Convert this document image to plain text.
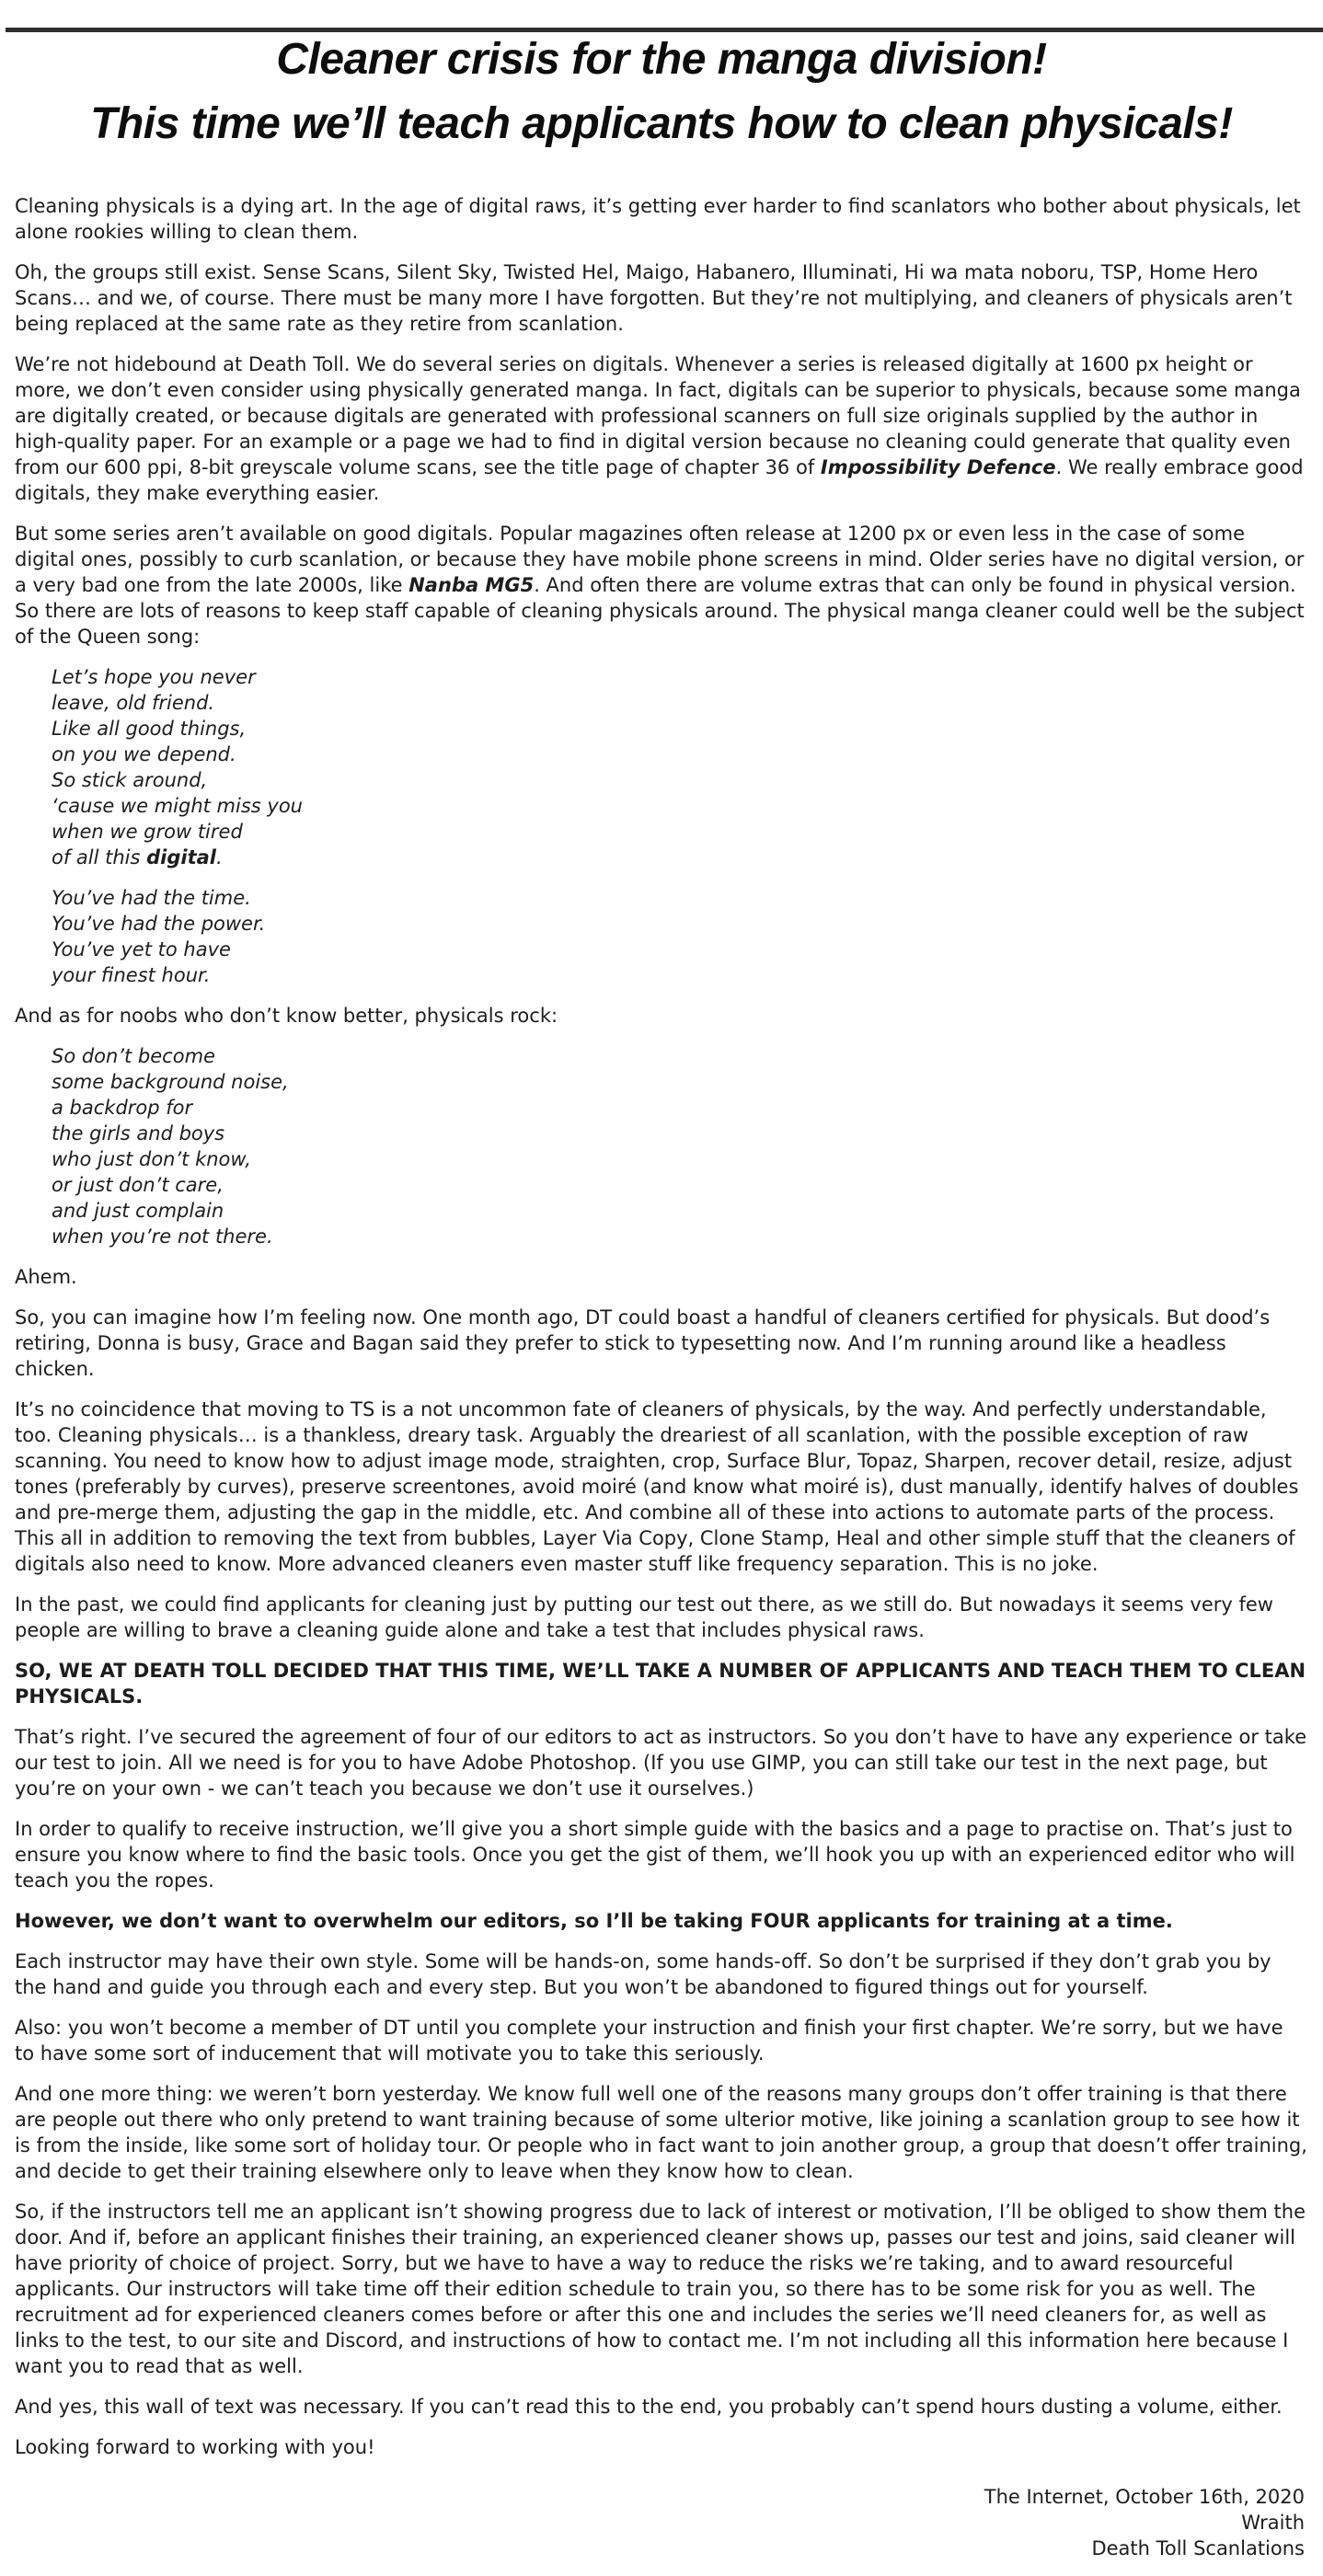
Cleaner crisis for the manga division!
This time we’ll teach applicants how to clean physicals!

Cleaning physicals is a dying art. In the age of digital raws, it’s getting ever harder to find scanlators who bother about physicals, let alone rookies willing to clean them.

Oh, the groups still exist. Sense Scans, Silent Sky, Twisted Hel, Maigo, Habanero, Illuminati, Hi wa mata noboru, TSP, Home Hero Scans… and we, of course. There must be many more I have forgotten. But they’re not multiplying, and cleaners of physicals aren’t being replaced at the same rate as they retire from scanlation.

We’re not hidebound at Death Toll. We do several series on digitals. Whenever a series is released digitally at 1600 px height or more, we don’t even consider using physically generated manga. In fact, digitals can be superior to physicals, because some manga are digitally created, or because digitals are generated with professional scanners on full size originals supplied by the author in high-quality paper. For an example or a page we had to find in digital version because no cleaning could generate that quality even from our 600 ppi, 8-bit greyscale volume scans, see the title page of chapter 36 of Impossibility Defence. We really embrace good digitals, they make everything easier.

But some series aren’t available on good digitals. Popular magazines often release at 1200 px or even less in the case of some digital ones, possibly to curb scanlation, or because they have mobile phone screens in mind. Older series have no digital version, or a very bad one from the late 2000s, like Nanba MG5. And often there are volume extras that can only be found in physical version. So there are lots of reasons to keep staff capable of cleaning physicals around. The physical manga cleaner could well be the subject of the Queen song:

Let’s hope you never
leave, old friend.
Like all good things,
on you we depend.
So stick around,
‘cause we might miss you
when we grow tired
of all this digital.
You’ve had the time.
You’ve had the power.
You’ve yet to have
your finest hour.

And as for noobs who don’t know better, physicals rock:

So don’t become
some background noise,
a backdrop for
the girls and boys
who just don’t know,
or just don’t care,
and just complain
when you’re not there.

Ahem.

So, you can imagine how I’m feeling now. One month ago, DT could boast a handful of cleaners certified for physicals. But dood’s retiring, Donna is busy, Grace and Bagan said they prefer to stick to typesetting now. And I’m running around like a headless chicken.

It’s no coincidence that moving to TS is a not uncommon fate of cleaners of physicals, by the way. And perfectly understandable, too. Cleaning physicals… is a thankless, dreary task. Arguably the dreariest of all scanlation, with the possible exception of raw scanning. You need to know how to adjust image mode, straighten, crop, Surface Blur, Topaz, Sharpen, recover detail, resize, adjust tones (preferably by curves), preserve screentones, avoid moiré (and know what moiré is), dust manually, identify halves of doubles and pre-merge them, adjusting the gap in the middle, etc. And combine all of these into actions to automate parts of the process. This all in addition to removing the text from bubbles, Layer Via Copy, Clone Stamp, Heal and other simple stuff that the cleaners of digitals also need to know. More advanced cleaners even master stuff like frequency separation. This is no joke.

In the past, we could find applicants for cleaning just by putting our test out there, as we still do. But nowadays it seems very few people are willing to brave a cleaning guide alone and take a test that includes physical raws.

SO, WE AT DEATH TOLL DECIDED THAT THIS TIME, WE’LL TAKE A NUMBER OF APPLICANTS AND TEACH THEM TO CLEAN PHYSICALS.

That’s right. I’ve secured the agreement of four of our editors to act as instructors. So you don’t have to have any experience or take our test to join. All we need is for you to have Adobe Photoshop. (If you use GIMP, you can still take our test in the next page, but you’re on your own - we can’t teach you because we don’t use it ourselves.)

In order to qualify to receive instruction, we’ll give you a short simple guide with the basics and a page to practise on. That’s just to ensure you know where to find the basic tools. Once you get the gist of them, we’ll hook you up with an experienced editor who will teach you the ropes.

However, we don’t want to overwhelm our editors, so I’ll be taking FOUR applicants for training at a time.

Each instructor may have their own style. Some will be hands-on, some hands-off. So don’t be surprised if they don’t grab you by the hand and guide you through each and every step. But you won’t be abandoned to figured things out for yourself.

Also: you won’t become a member of DT until you complete your instruction and finish your first chapter. We’re sorry, but we have to have some sort of inducement that will motivate you to take this seriously.

And one more thing: we weren’t born yesterday. We know full well one of the reasons many groups don’t offer training is that there are people out there who only pretend to want training because of some ulterior motive, like joining a scanlation group to see how it is from the inside, like some sort of holiday tour. Or people who in fact want to join another group, a group that doesn’t offer training, and decide to get their training elsewhere only to leave when they know how to clean.

So, if the instructors tell me an applicant isn’t showing progress due to lack of interest or motivation, I’ll be obliged to show them the door. And if, before an applicant finishes their training, an experienced cleaner shows up, passes our test and joins, said cleaner will have priority of choice of project. Sorry, but we have to have a way to reduce the risks we’re taking, and to award resourceful applicants. Our instructors will take time off their edition schedule to train you, so there has to be some risk for you as well. The recruitment ad for experienced cleaners comes before or after this one and includes the series we’ll need cleaners for, as well as links to the test, to our site and Discord, and instructions of how to contact me. I’m not including all this information here because I want you to read that as well.

And yes, this wall of text was necessary. If you can’t read this to the end, you probably can’t spend hours dusting a volume, either.

Looking forward to working with you!

The Internet, October 16th, 2020
Wraith
Death Toll Scanlations
